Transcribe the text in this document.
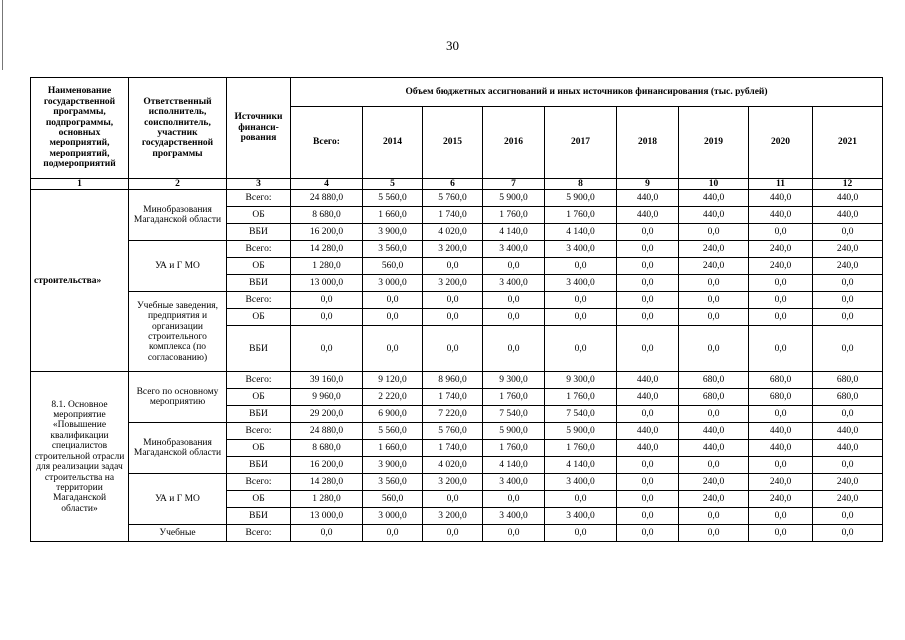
30
Наименование государственной программы, подпрограммы, основных мероприятий, мероприятий, подмероприятий	Ответственный исполнитель, соисполнитель, участник государственной программы	Источники финанси-рования	Объем бюджетных ассигнований и иных источников финансирования (тыс. рублей)								
			Всего:	2014	2015	2016	2017	2018	2019	2020	2021
1	2	3	4	5	6	7	8	9	10	11	12
строительства»	Минобразования Магаданской области	Всего:	24 880,0	5 560,0	5 760,0	5 900,0	5 900,0	440,0	440,0	440,0	440,0
		ОБ	8 680,0	1 660,0	1 740,0	1 760,0	1 760,0	440,0	440,0	440,0	440,0
		ВБИ	16 200,0	3 900,0	4 020,0	4 140,0	4 140,0	0,0	0,0	0,0	0,0
	УА и Г МО	Всего:	14 280,0	3 560,0	3 200,0	3 400,0	3 400,0	0,0	240,0	240,0	240,0
		ОБ	1 280,0	560,0	0,0	0,0	0,0	0,0	240,0	240,0	240,0
		ВБИ	13 000,0	3 000,0	3 200,0	3 400,0	3 400,0	0,0	0,0	0,0	0,0
	Учебные заведения, предприятия и организации строительного комплекса (по согласованию)	Всего:	0,0	0,0	0,0	0,0	0,0	0,0	0,0	0,0	0,0
		ОБ	0,0	0,0	0,0	0,0	0,0	0,0	0,0	0,0	0,0
		ВБИ	0,0	0,0	0,0	0,0	0,0	0,0	0,0	0,0	0,0
8.1. Основное мероприятие «Повышение квалификации специалистов строительной отрасли для реализации задач строительства на территории Магаданской области»	Всего по основному мероприятию	Всего:	39 160,0	9 120,0	8 960,0	9 300,0	9 300,0	440,0	680,0	680,0	680,0
		ОБ	9 960,0	2 220,0	1 740,0	1 760,0	1 760,0	440,0	680,0	680,0	680,0
		ВБИ	29 200,0	6 900,0	7 220,0	7 540,0	7 540,0	0,0	0,0	0,0	0,0
	Минобразования Магаданской области	Всего:	24 880,0	5 560,0	5 760,0	5 900,0	5 900,0	440,0	440,0	440,0	440,0
		ОБ	8 680,0	1 660,0	1 740,0	1 760,0	1 760,0	440,0	440,0	440,0	440,0
		ВБИ	16 200,0	3 900,0	4 020,0	4 140,0	4 140,0	0,0	0,0	0,0	0,0
	УА и Г МО	Всего:	14 280,0	3 560,0	3 200,0	3 400,0	3 400,0	0,0	240,0	240,0	240,0
		ОБ	1 280,0	560,0	0,0	0,0	0,0	0,0	240,0	240,0	240,0
		ВБИ	13 000,0	3 000,0	3 200,0	3 400,0	3 400,0	0,0	0,0	0,0	0,0
	Учебные	Всего:	0,0	0,0	0,0	0,0	0,0	0,0	0,0	0,0	0,0
